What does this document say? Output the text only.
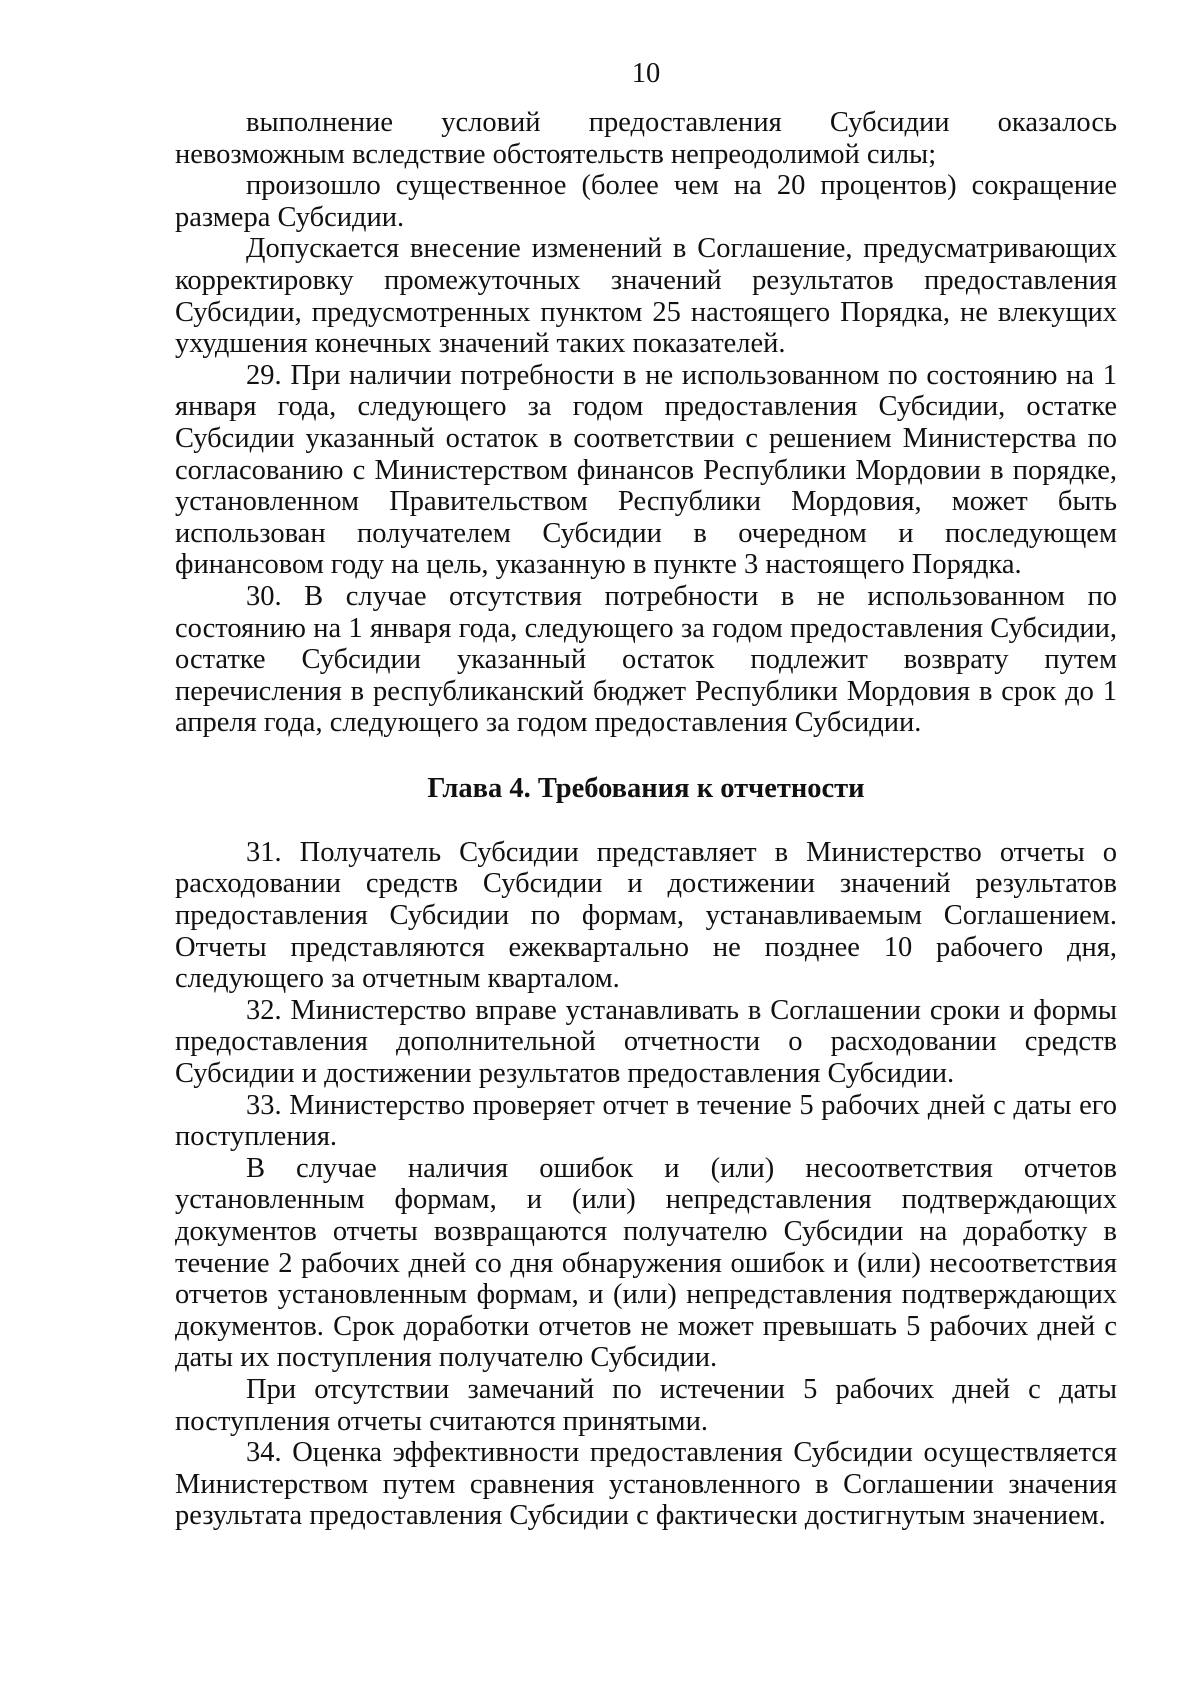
10

выполнение условий предоставления Субсидии оказалось невозможным вследствие обстоятельств непреодолимой силы;

произошло существенное (более чем на 20 процентов) сокращение размера Субсидии.

Допускается внесение изменений в Соглашение, предусматривающих корректировку промежуточных значений результатов предоставления Субсидии, предусмотренных пунктом 25 настоящего Порядка, не влекущих ухудшения конечных значений таких показателей.

29. При наличии потребности в не использованном по состоянию на 1 января года, следующего за годом предоставления Субсидии, остатке Субсидии указанный остаток в соответствии с решением Министерства по согласованию с Министерством финансов Республики Мордовии в порядке, установленном Правительством Республики Мордовия, может быть использован получателем Субсидии в очередном и последующем финансовом году на цель, указанную в пункте 3 настоящего Порядка.

30. В случае отсутствия потребности в не использованном по состоянию на 1 января года, следующего за годом предоставления Субсидии, остатке Субсидии указанный остаток подлежит возврату путем перечисления в республиканский бюджет Республики Мордовия в срок до 1 апреля года, следующего за годом предоставления Субсидии.

Глава 4. Требования к отчетности

31. Получатель Субсидии представляет в Министерство отчеты о расходовании средств Субсидии и достижении значений результатов предоставления Субсидии по формам, устанавливаемым Соглашением. Отчеты представляются ежеквартально не позднее 10 рабочего дня, следующего за отчетным кварталом.

32. Министерство вправе устанавливать в Соглашении сроки и формы предоставления дополнительной отчетности о расходовании средств Субсидии и достижении результатов предоставления Субсидии.

33. Министерство проверяет отчет в течение 5 рабочих дней с даты его поступления.

В случае наличия ошибок и (или) несоответствия отчетов установленным формам, и (или) непредставления подтверждающих документов отчеты возвращаются получателю Субсидии на доработку в течение 2 рабочих дней со дня обнаружения ошибок и (или) несоответствия отчетов установленным формам, и (или) непредставления подтверждающих документов. Срок доработки отчетов не может превышать 5 рабочих дней с даты их поступления получателю Субсидии.

При отсутствии замечаний по истечении 5 рабочих дней с даты поступления отчеты считаются принятыми.

34. Оценка эффективности предоставления Субсидии осуществляется Министерством путем сравнения установленного в Соглашении значения результата предоставления Субсидии с фактически достигнутым значением.
